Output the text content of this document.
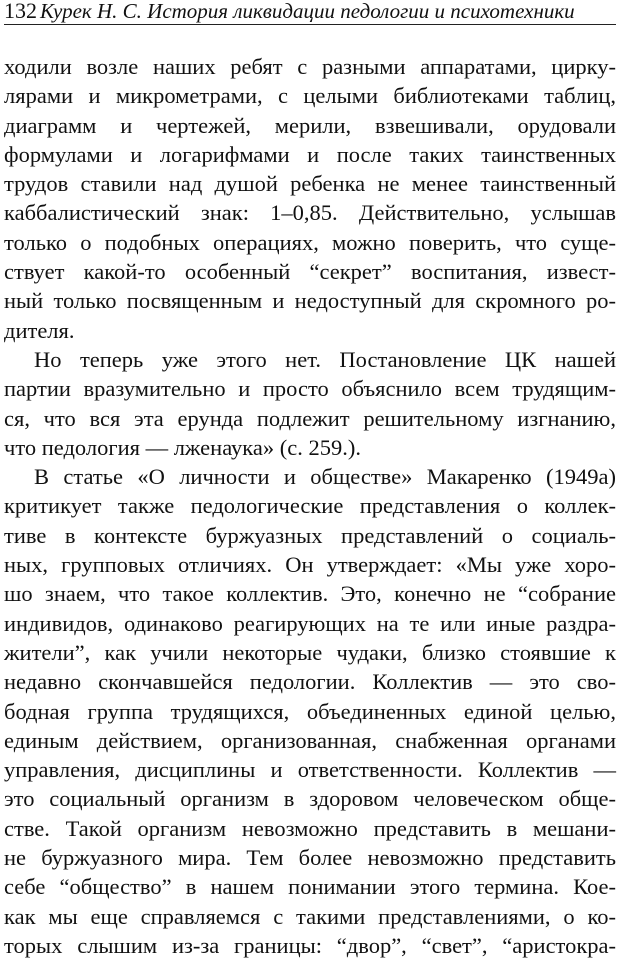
132 Курек Н. С. История ликвидации педологии и психотехники
ходили возле наших ребят с разными аппаратами, цирку-
лярами и микрометрами, с целыми библиотеками таблиц,
диаграмм и чертежей, мерили, взвешивали, орудовали
формулами и логарифмами и после таких таинственных
трудов ставили над душой ребенка не менее таинственный
каббалистический знак: 1–0,85. Действительно, услышав
только о подобных операциях, можно поверить, что суще-
ствует какой-то особенный “секрет” воспитания, извест-
ный только посвященным и недоступный для скромного ро-
дителя.
Но теперь уже этого нет. Постановление ЦК нашей
партии вразумительно и просто объяснило всем трудящим-
ся, что вся эта ерунда подлежит решительному изгнанию,
что педология — лженаука» (с. 259.).
В статье «О личности и обществе» Макаренко (1949а)
критикует также педологические представления о коллек-
тиве в контексте буржуазных представлений о социаль-
ных, групповых отличиях. Он утверждает: «Мы уже хоро-
шо знаем, что такое коллектив. Это, конечно не “собрание
индивидов, одинаково реагирующих на те или иные раздра-
жители”, как учили некоторые чудаки, близко стоявшие к
недавно скончавшейся педологии. Коллектив — это сво-
бодная группа трудящихся, объединенных единой целью,
единым действием, организованная, снабженная органами
управления, дисциплины и ответственности. Коллектив —
это социальный организм в здоровом человеческом обще-
стве. Такой организм невозможно представить в мешани-
не буржуазного мира. Тем более невозможно представить
себе “общество” в нашем понимании этого термина. Кое-
как мы еще справляемся с такими представлениями, о ко-
торых слышим из-за границы: “двор”, “свет”, “аристокра-
